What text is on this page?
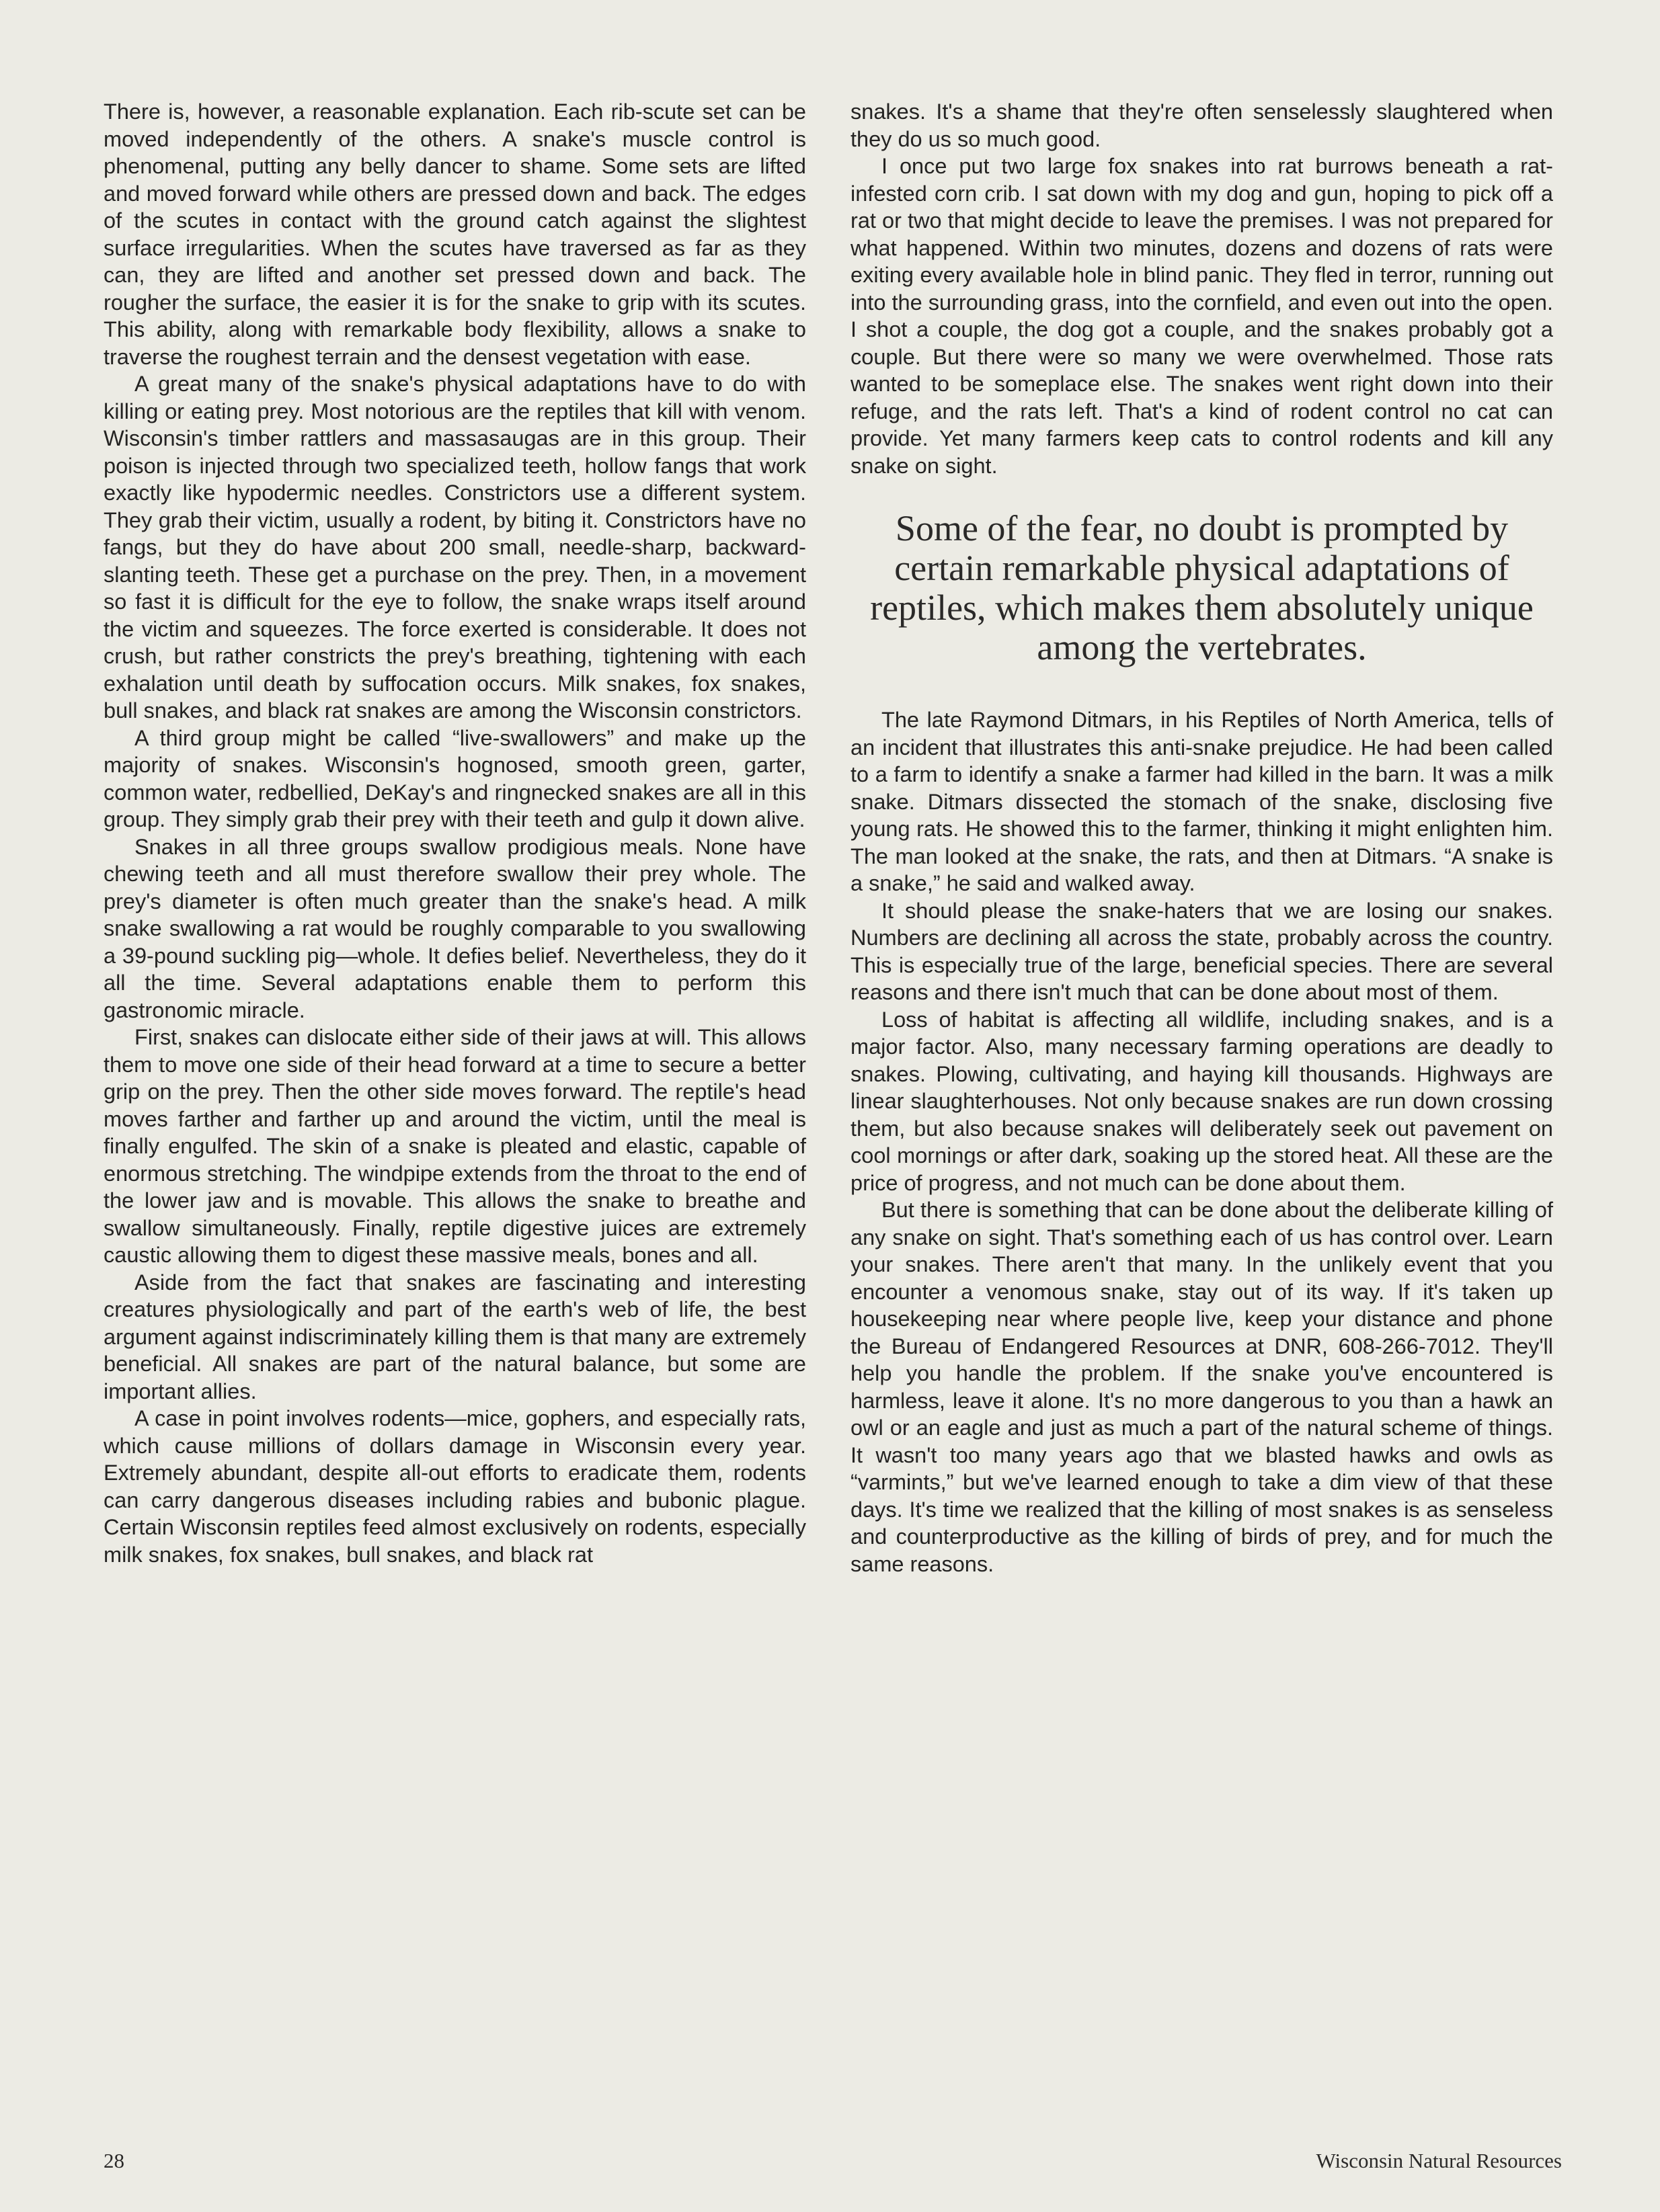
There is, however, a reasonable explanation. Each rib-scute set can be moved independently of the others. A snake's muscle control is phenomenal, putting any belly dancer to shame. Some sets are lifted and moved forward while others are pressed down and back. The edges of the scutes in contact with the ground catch against the slightest surface irregularities. When the scutes have traversed as far as they can, they are lifted and another set pressed down and back. The rougher the surface, the easier it is for the snake to grip with its scutes. This ability, along with remarkable body flexibility, allows a snake to traverse the roughest terrain and the densest vegetation with ease.

A great many of the snake's physical adaptations have to do with killing or eating prey. Most notorious are the reptiles that kill with venom. Wisconsin's timber rattlers and massasaugas are in this group. Their poison is injected through two specialized teeth, hollow fangs that work exactly like hypodermic needles. Constrictors use a different system. They grab their victim, usually a rodent, by biting it. Constrictors have no fangs, but they do have about 200 small, needle-sharp, backward-slanting teeth. These get a purchase on the prey. Then, in a movement so fast it is difficult for the eye to follow, the snake wraps itself around the victim and squeezes. The force exerted is considerable. It does not crush, but rather constricts the prey's breathing, tightening with each exhalation until death by suffocation occurs. Milk snakes, fox snakes, bull snakes, and black rat snakes are among the Wisconsin constrictors.

A third group might be called “live-swallowers” and make up the majority of snakes. Wisconsin's hognosed, smooth green, garter, common water, redbellied, DeKay's and ringnecked snakes are all in this group. They simply grab their prey with their teeth and gulp it down alive.

Snakes in all three groups swallow prodigious meals. None have chewing teeth and all must therefore swallow their prey whole. The prey's diameter is often much greater than the snake's head. A milk snake swallowing a rat would be roughly comparable to you swallowing a 39-pound suckling pig—whole. It defies belief. Nevertheless, they do it all the time. Several adaptations enable them to perform this gastronomic miracle.

First, snakes can dislocate either side of their jaws at will. This allows them to move one side of their head forward at a time to secure a better grip on the prey. Then the other side moves forward. The reptile's head moves farther and farther up and around the victim, until the meal is finally engulfed. The skin of a snake is pleated and elastic, capable of enormous stretching. The windpipe extends from the throat to the end of the lower jaw and is movable. This allows the snake to breathe and swallow simultaneously. Finally, reptile digestive juices are extremely caustic allowing them to digest these massive meals, bones and all.

Aside from the fact that snakes are fascinating and interesting creatures physiologically and part of the earth's web of life, the best argument against indiscriminately killing them is that many are extremely beneficial. All snakes are part of the natural balance, but some are important allies.

A case in point involves rodents—mice, gophers, and especially rats, which cause millions of dollars damage in Wisconsin every year. Extremely abundant, despite all-out efforts to eradicate them, rodents can carry dangerous diseases including rabies and bubonic plague. Certain Wisconsin reptiles feed almost exclusively on rodents, especially milk snakes, fox snakes, bull snakes, and black rat

snakes. It's a shame that they're often senselessly slaughtered when they do us so much good.

I once put two large fox snakes into rat burrows beneath a rat-infested corn crib. I sat down with my dog and gun, hoping to pick off a rat or two that might decide to leave the premises. I was not prepared for what happened. Within two minutes, dozens and dozens of rats were exiting every available hole in blind panic. They fled in terror, running out into the surrounding grass, into the cornfield, and even out into the open. I shot a couple, the dog got a couple, and the snakes probably got a couple. But there were so many we were overwhelmed. Those rats wanted to be someplace else. The snakes went right down into their refuge, and the rats left. That's a kind of rodent control no cat can provide. Yet many farmers keep cats to control rodents and kill any snake on sight.

Some of the fear, no doubt is prompted by certain remarkable physical adaptations of reptiles, which makes them absolutely unique among the vertebrates.

The late Raymond Ditmars, in his Reptiles of North America, tells of an incident that illustrates this anti-snake prejudice. He had been called to a farm to identify a snake a farmer had killed in the barn. It was a milk snake. Ditmars dissected the stomach of the snake, disclosing five young rats. He showed this to the farmer, thinking it might enlighten him. The man looked at the snake, the rats, and then at Ditmars. “A snake is a snake,” he said and walked away.

It should please the snake-haters that we are losing our snakes. Numbers are declining all across the state, probably across the country. This is especially true of the large, beneficial species. There are several reasons and there isn't much that can be done about most of them.

Loss of habitat is affecting all wildlife, including snakes, and is a major factor. Also, many necessary farming operations are deadly to snakes. Plowing, cultivating, and haying kill thousands. Highways are linear slaughterhouses. Not only because snakes are run down crossing them, but also because snakes will deliberately seek out pavement on cool mornings or after dark, soaking up the stored heat. All these are the price of progress, and not much can be done about them.

But there is something that can be done about the deliberate killing of any snake on sight. That's something each of us has control over. Learn your snakes. There aren't that many. In the unlikely event that you encounter a venomous snake, stay out of its way. If it's taken up housekeeping near where people live, keep your distance and phone the Bureau of Endangered Resources at DNR, 608-266-7012. They'll help you handle the problem. If the snake you've encountered is harmless, leave it alone. It's no more dangerous to you than a hawk an owl or an eagle and just as much a part of the natural scheme of things. It wasn't too many years ago that we blasted hawks and owls as “varmints,” but we've learned enough to take a dim view of that these days. It's time we realized that the killing of most snakes is as senseless and counterproductive as the killing of birds of prey, and for much the same reasons.

28	Wisconsin Natural Resources
